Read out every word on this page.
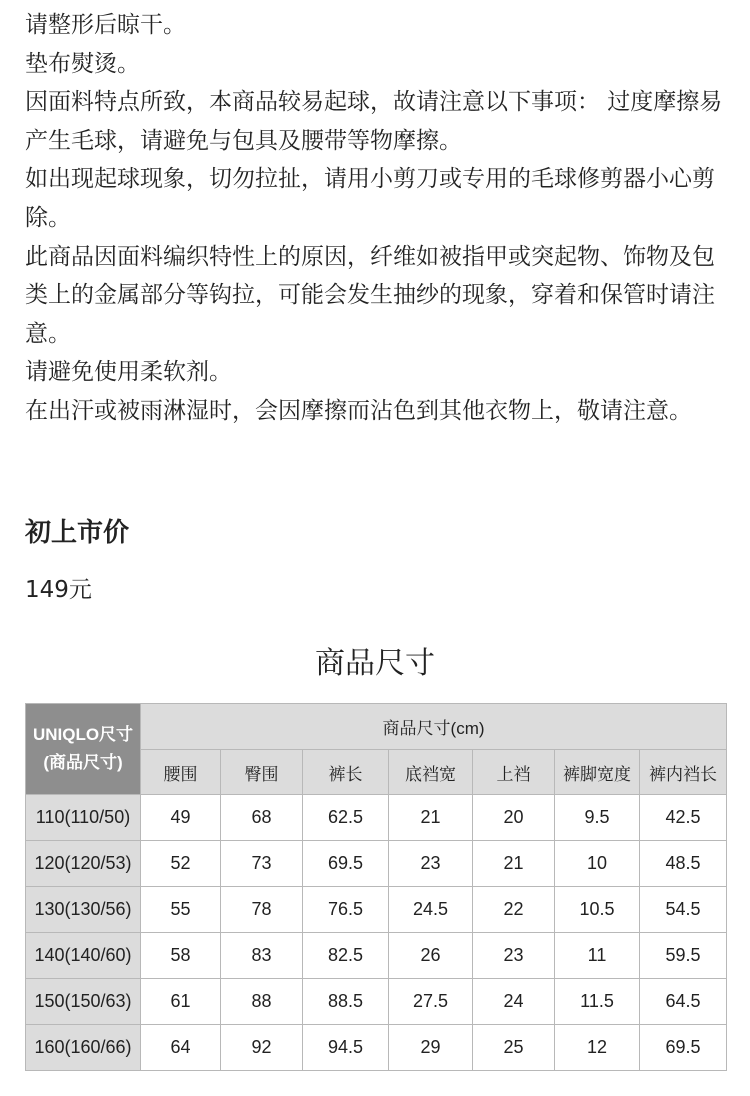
请整形后晾干。

垫布熨烫。

因面料特点所致，本商品较易起球，故请注意以下事项： 过度摩擦易产生毛球，请避免与包具及腰带等物摩擦。

如出现起球现象，切勿拉扯，请用小剪刀或专用的毛球修剪器小心剪除。

此商品因面料编织特性上的原因，纤维如被指甲或突起物、饰物及包类上的金属部分等钩拉，可能会发生抽纱的现象，穿着和保管时请注意。

请避免使用柔软剂。

在出汗或被雨淋湿时，会因摩擦而沾色到其他衣物上，敬请注意。

初上市价
149元
商品尺寸
UNIQLO尺寸
(商品尺寸)	商品尺寸(cm)						
	腰围	臀围	裤长	底裆宽	上裆	裤脚宽度	裤内裆长
110(110/50)	49	68	62.5	21	20	9.5	42.5
120(120/53)	52	73	69.5	23	21	10	48.5
130(130/56)	55	78	76.5	24.5	22	10.5	54.5
140(140/60)	58	83	82.5	26	23	11	59.5
150(150/63)	61	88	88.5	27.5	24	11.5	64.5
160(160/66)	64	92	94.5	29	25	12	69.5
